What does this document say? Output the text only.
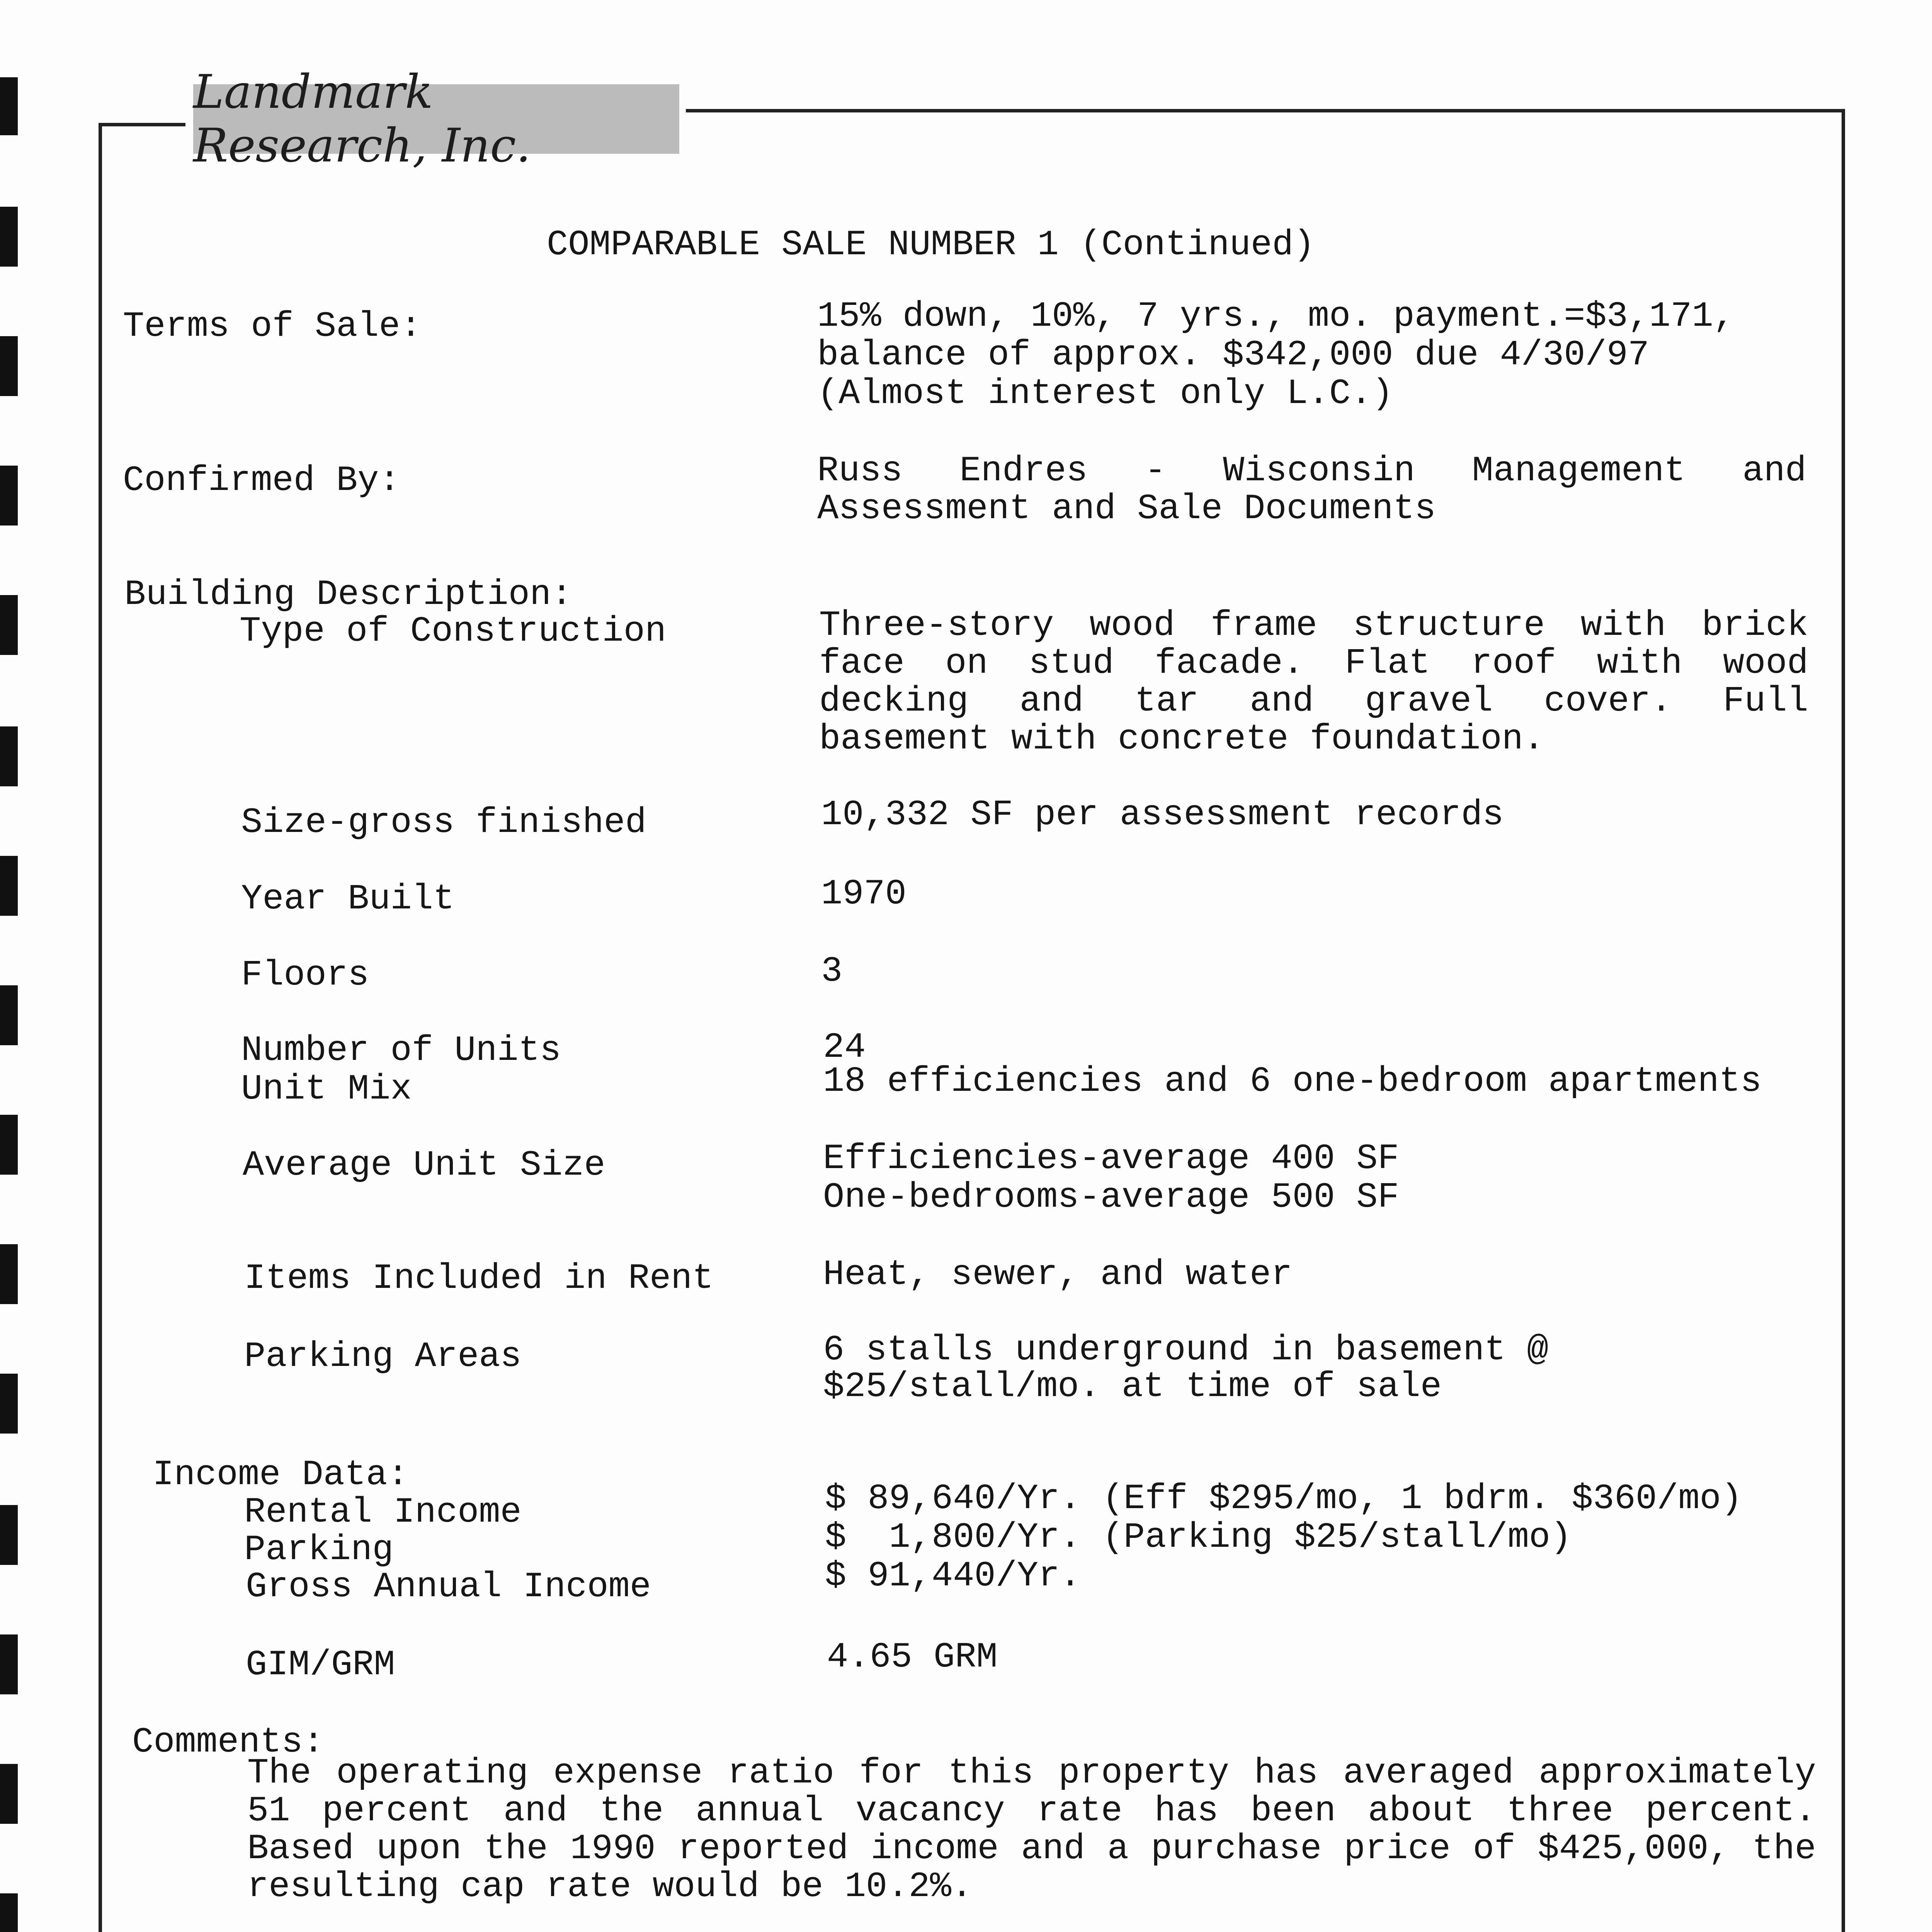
Landmark Research, Inc.
COMPARABLE SALE NUMBER 1 (Continued)
Terms of Sale:	15% down, 10%, 7 yrs., mo. payment.=$3,171,
balance of approx. $342,000 due 4/30/97
(Almost interest only L.C.)
Confirmed By:	Russ Endres - Wisconsin Management and Assessment and Sale Documents
Building Description:
Type of Construction	Three-story wood frame structure with brick face on stud facade. Flat roof with wood decking and tar and gravel cover. Full basement with concrete foundation.
Size-gross finished	10,332 SF per assessment records
Year Built	1970
Floors	3
Number of Units	24
Unit Mix	18 efficiencies and 6 one-bedroom apartments
Average Unit Size	Efficiencies-average 400 SF
One-bedrooms-average 500 SF
Items Included in Rent	Heat, sewer, and water
Parking Areas	6 stalls underground in basement @
$25/stall/mo. at time of sale
Income Data:
Rental Income	$ 89,640/Yr. (Eff $295/mo, 1 bdrm. $360/mo)
Parking	$  1,800/Yr. (Parking $25/stall/mo)
Gross Annual Income	$ 91,440/Yr.
GIM/GRM	4.65 GRM
Comments:
The operating expense ratio for this property has averaged approximately 51 percent and the annual vacancy rate has been about three percent. Based upon the 1990 reported income and a purchase price of $425,000, the resulting cap rate would be 10.2%.
